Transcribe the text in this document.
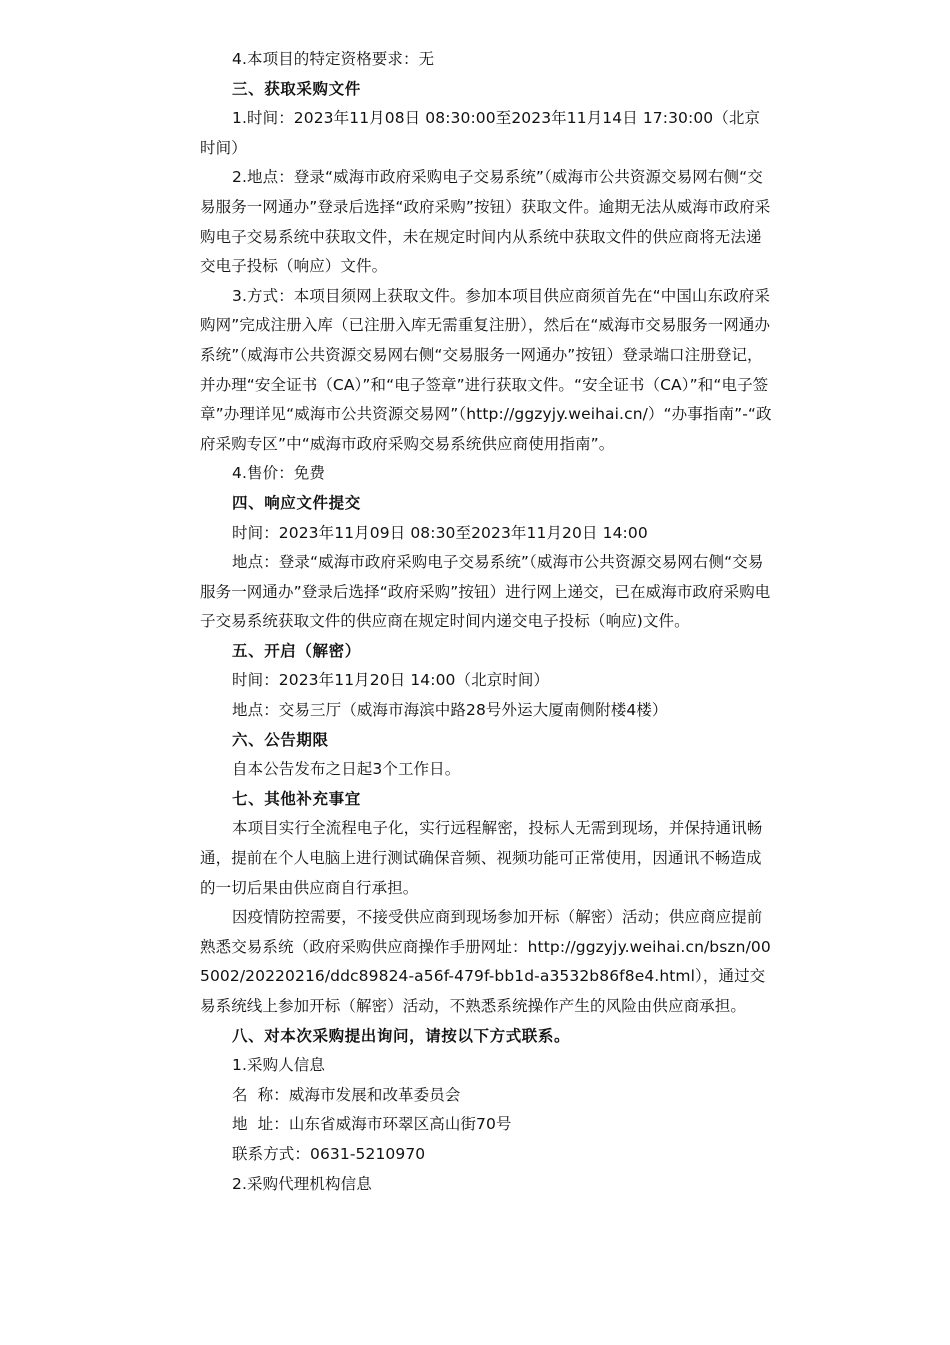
4.本项目的特定资格要求：无

三、获取采购文件

1.时间：2023年11月08日 08:30:00至2023年11月14日 17:30:00（北京时间）

2.地点：登录“威海市政府采购电子交易系统”（威海市公共资源交易网右侧“交易服务一网通办”登录后选择“政府采购”按钮）获取文件。逾期无法从威海市政府采购电子交易系统中获取文件，未在规定时间内从系统中获取文件的供应商将无法递交电子投标（响应）文件。

3.方式：本项目须网上获取文件。参加本项目供应商须首先在“中国山东政府采购网”完成注册入库（已注册入库无需重复注册），然后在“威海市交易服务一网通办系统”（威海市公共资源交易网右侧“交易服务一网通办”按钮）登录端口注册登记，并办理“安全证书（CA）”和“电子签章”进行获取文件。“安全证书（CA）”和“电子签章”办理详见“威海市公共资源交易网”（http://ggzyjy.weihai.cn/）“办事指南”-“政府采购专区”中“威海市政府采购交易系统供应商使用指南”。

4.售价：免费

四、响应文件提交

时间：2023年11月09日 08:30至2023年11月20日 14:00

地点：登录“威海市政府采购电子交易系统”（威海市公共资源交易网右侧“交易服务一网通办”登录后选择“政府采购”按钮）进行网上递交，已在威海市政府采购电子交易系统获取文件的供应商在规定时间内递交电子投标（响应)文件。

五、开启（解密）

时间：2023年11月20日 14:00（北京时间）

地点：交易三厅（威海市海滨中路28号外运大厦南侧附楼4楼）

六、公告期限

自本公告发布之日起3个工作日。

七、其他补充事宜

本项目实行全流程电子化，实行远程解密，投标人无需到现场，并保持通讯畅通，提前在个人电脑上进行测试确保音频、视频功能可正常使用，因通讯不畅造成的一切后果由供应商自行承担。

因疫情防控需要，不接受供应商到现场参加开标（解密）活动；供应商应提前熟悉交易系统（政府采购供应商操作手册网址：http://ggzyjy.weihai.cn/bszn/005002/20220216/ddc89824-a56f-479f-bb1d-a3532b86f8e4.html），通过交易系统线上参加开标（解密）活动，不熟悉系统操作产生的风险由供应商承担。

八、对本次采购提出询问，请按以下方式联系。

1.采购人信息

名  称：威海市发展和改革委员会

地  址：山东省威海市环翠区高山街70号

联系方式：0631-5210970

2.采购代理机构信息
